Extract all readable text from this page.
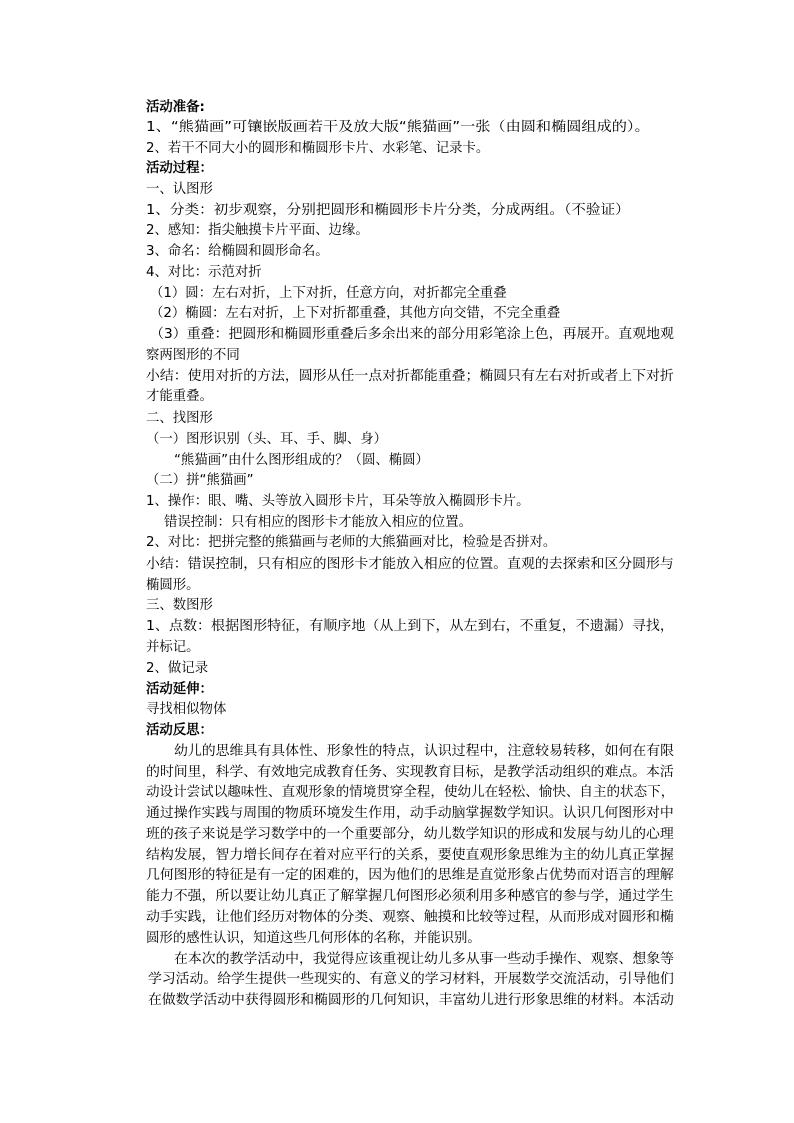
活动准备:
1、“熊猫画”可镶嵌版画若干及放大版“熊猫画”一张（由圆和椭圆组成的）。
2、若干不同大小的圆形和椭圆形卡片、水彩笔、记录卡。
活动过程：
一、认图形
1、分类：初步观察，分别把圆形和椭圆形卡片分类，分成两组。（不验证）
2、感知：指尖触摸卡片平面、边缘。
3、命名：给椭圆和圆形命名。
4、对比：示范对折
（1）圆：左右对折，上下对折，任意方向，对折都完全重叠
（2）椭圆：左右对折，上下对折都重叠，其他方向交错，不完全重叠
（3）重叠：把圆形和椭圆形重叠后多余出来的部分用彩笔涂上色，再展开。直观地观
察两图形的不同
小结：使用对折的方法，圆形从任一点对折都能重叠；椭圆只有左右对折或者上下对折
才能重叠。
二、找图形
（一）图形识别（头、耳、手、脚、身）
“熊猫画”由什么图形组成的？（圆、椭圆）
（二）拼“熊猫画”
1、操作：眼、嘴、头等放入圆形卡片，耳朵等放入椭圆形卡片。
错误控制：只有相应的图形卡才能放入相应的位置。
2、对比：把拼完整的熊猫画与老师的大熊猫画对比，检验是否拼对。
小结：错误控制，只有相应的图形卡才能放入相应的位置。直观的去探索和区分圆形与
椭圆形。
三、数图形
1、点数：根据图形特征，有顺序地（从上到下，从左到右，不重复，不遗漏）寻找，
并标记。
2、做记录
活动延伸：
寻找相似物体
活动反思：
幼儿的思维具有具体性、形象性的特点，认识过程中，注意较易转移，如何在有限
的时间里，科学、有效地完成教育任务、实现教育目标，是教学活动组织的难点。本活
动设计尝试以趣味性、直观形象的情境贯穿全程，使幼儿在轻松、愉快、自主的状态下，
通过操作实践与周围的物质环境发生作用，动手动脑掌握数学知识。认识几何图形对中
班的孩子来说是学习数学中的一个重要部分，幼儿数学知识的形成和发展与幼儿的心理
结构发展，智力增长间存在着对应平行的关系，要使直观形象思维为主的幼儿真正掌握
几何图形的特征是有一定的困难的，因为他们的思维是直觉形象占优势而对语言的理解
能力不强，所以要让幼儿真正了解掌握几何图形必须利用多种感官的参与学，通过学生
动手实践，让他们经历对物体的分类、观察、触摸和比较等过程，从而形成对圆形和椭
圆形的感性认识，知道这些几何形体的名称，并能识别。
在本次的教学活动中，我觉得应该重视让幼儿多从事一些动手操作、观察、想象等
学习活动。给学生提供一些现实的、有意义的学习材料，开展数学交流活动，引导他们
在做数学活动中获得圆形和椭圆形的几何知识，丰富幼儿进行形象思维的材料。本活动
